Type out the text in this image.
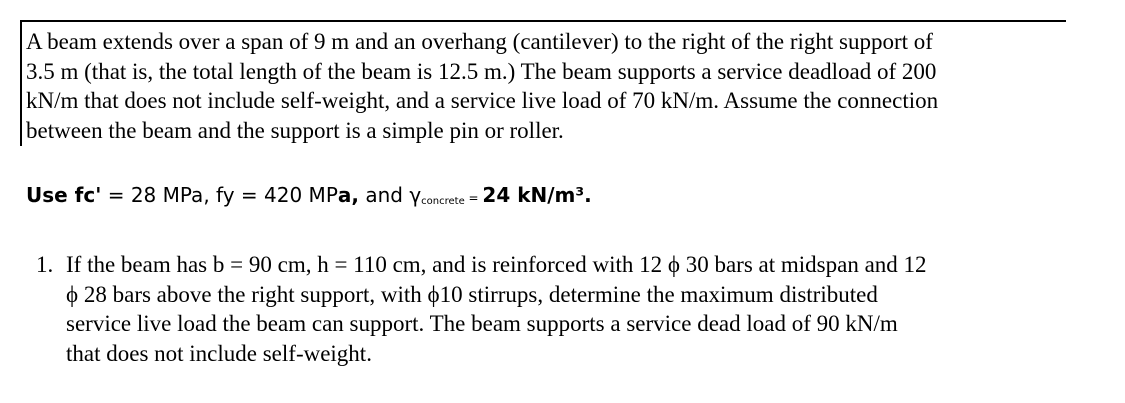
A beam extends over a span of 9 m and an overhang (cantilever) to the right of the right support of
3.5 m (that is, the total length of the beam is 12.5 m.) The beam supports a service deadload of 200
kN/m that does not include self-weight, and a service live load of 70 kN/m. Assume the connection
between the beam and the support is a simple pin or roller.

Use fc' = 28 MPa, fy = 420 MPa, and γconcrete = 24 kN/m³.

1. If the beam has b = 90 cm, h = 110 cm, and is reinforced with 12 ϕ 30 bars at midspan and 12
ϕ 28 bars above the right support, with ϕ10 stirrups, determine the maximum distributed
service live load the beam can support. The beam supports a service dead load of 90 kN/m
that does not include self-weight.
